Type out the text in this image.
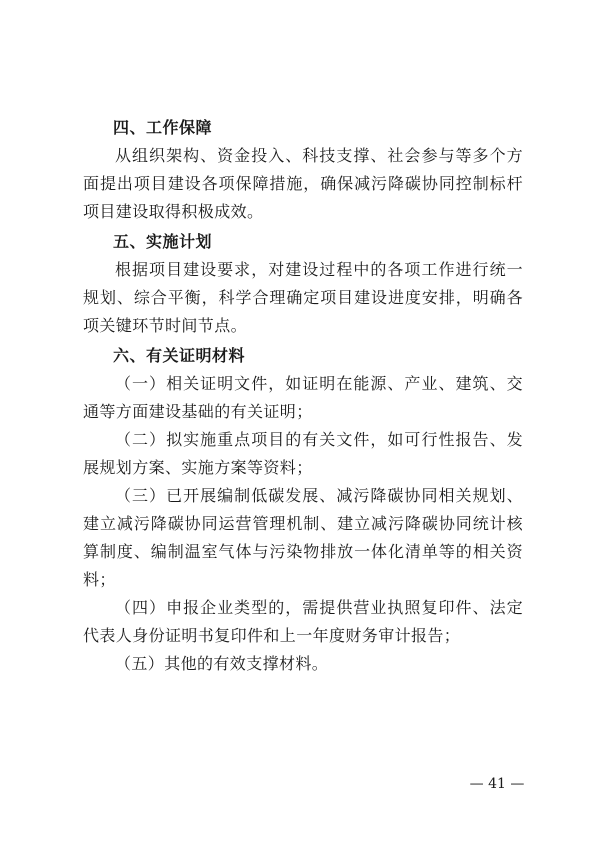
四、工作保障

从组织架构、资金投入、科技支撑、社会参与等多个方面提出项目建设各项保障措施，确保减污降碳协同控制标杆项目建设取得积极成效。

五、实施计划

根据项目建设要求，对建设过程中的各项工作进行统一规划、综合平衡，科学合理确定项目建设进度安排，明确各项关键环节时间节点。

六、有关证明材料

（一）相关证明文件，如证明在能源、产业、建筑、交通等方面建设基础的有关证明；

（二）拟实施重点项目的有关文件，如可行性报告、发展规划方案、实施方案等资料；

（三）已开展编制低碳发展、减污降碳协同相关规划、建立减污降碳协同运营管理机制、建立减污降碳协同统计核算制度、编制温室气体与污染物排放一体化清单等的相关资料；

（四）申报企业类型的，需提供营业执照复印件、法定代表人身份证明书复印件和上一年度财务审计报告；

（五）其他的有效支撑材料。

— 41 —
